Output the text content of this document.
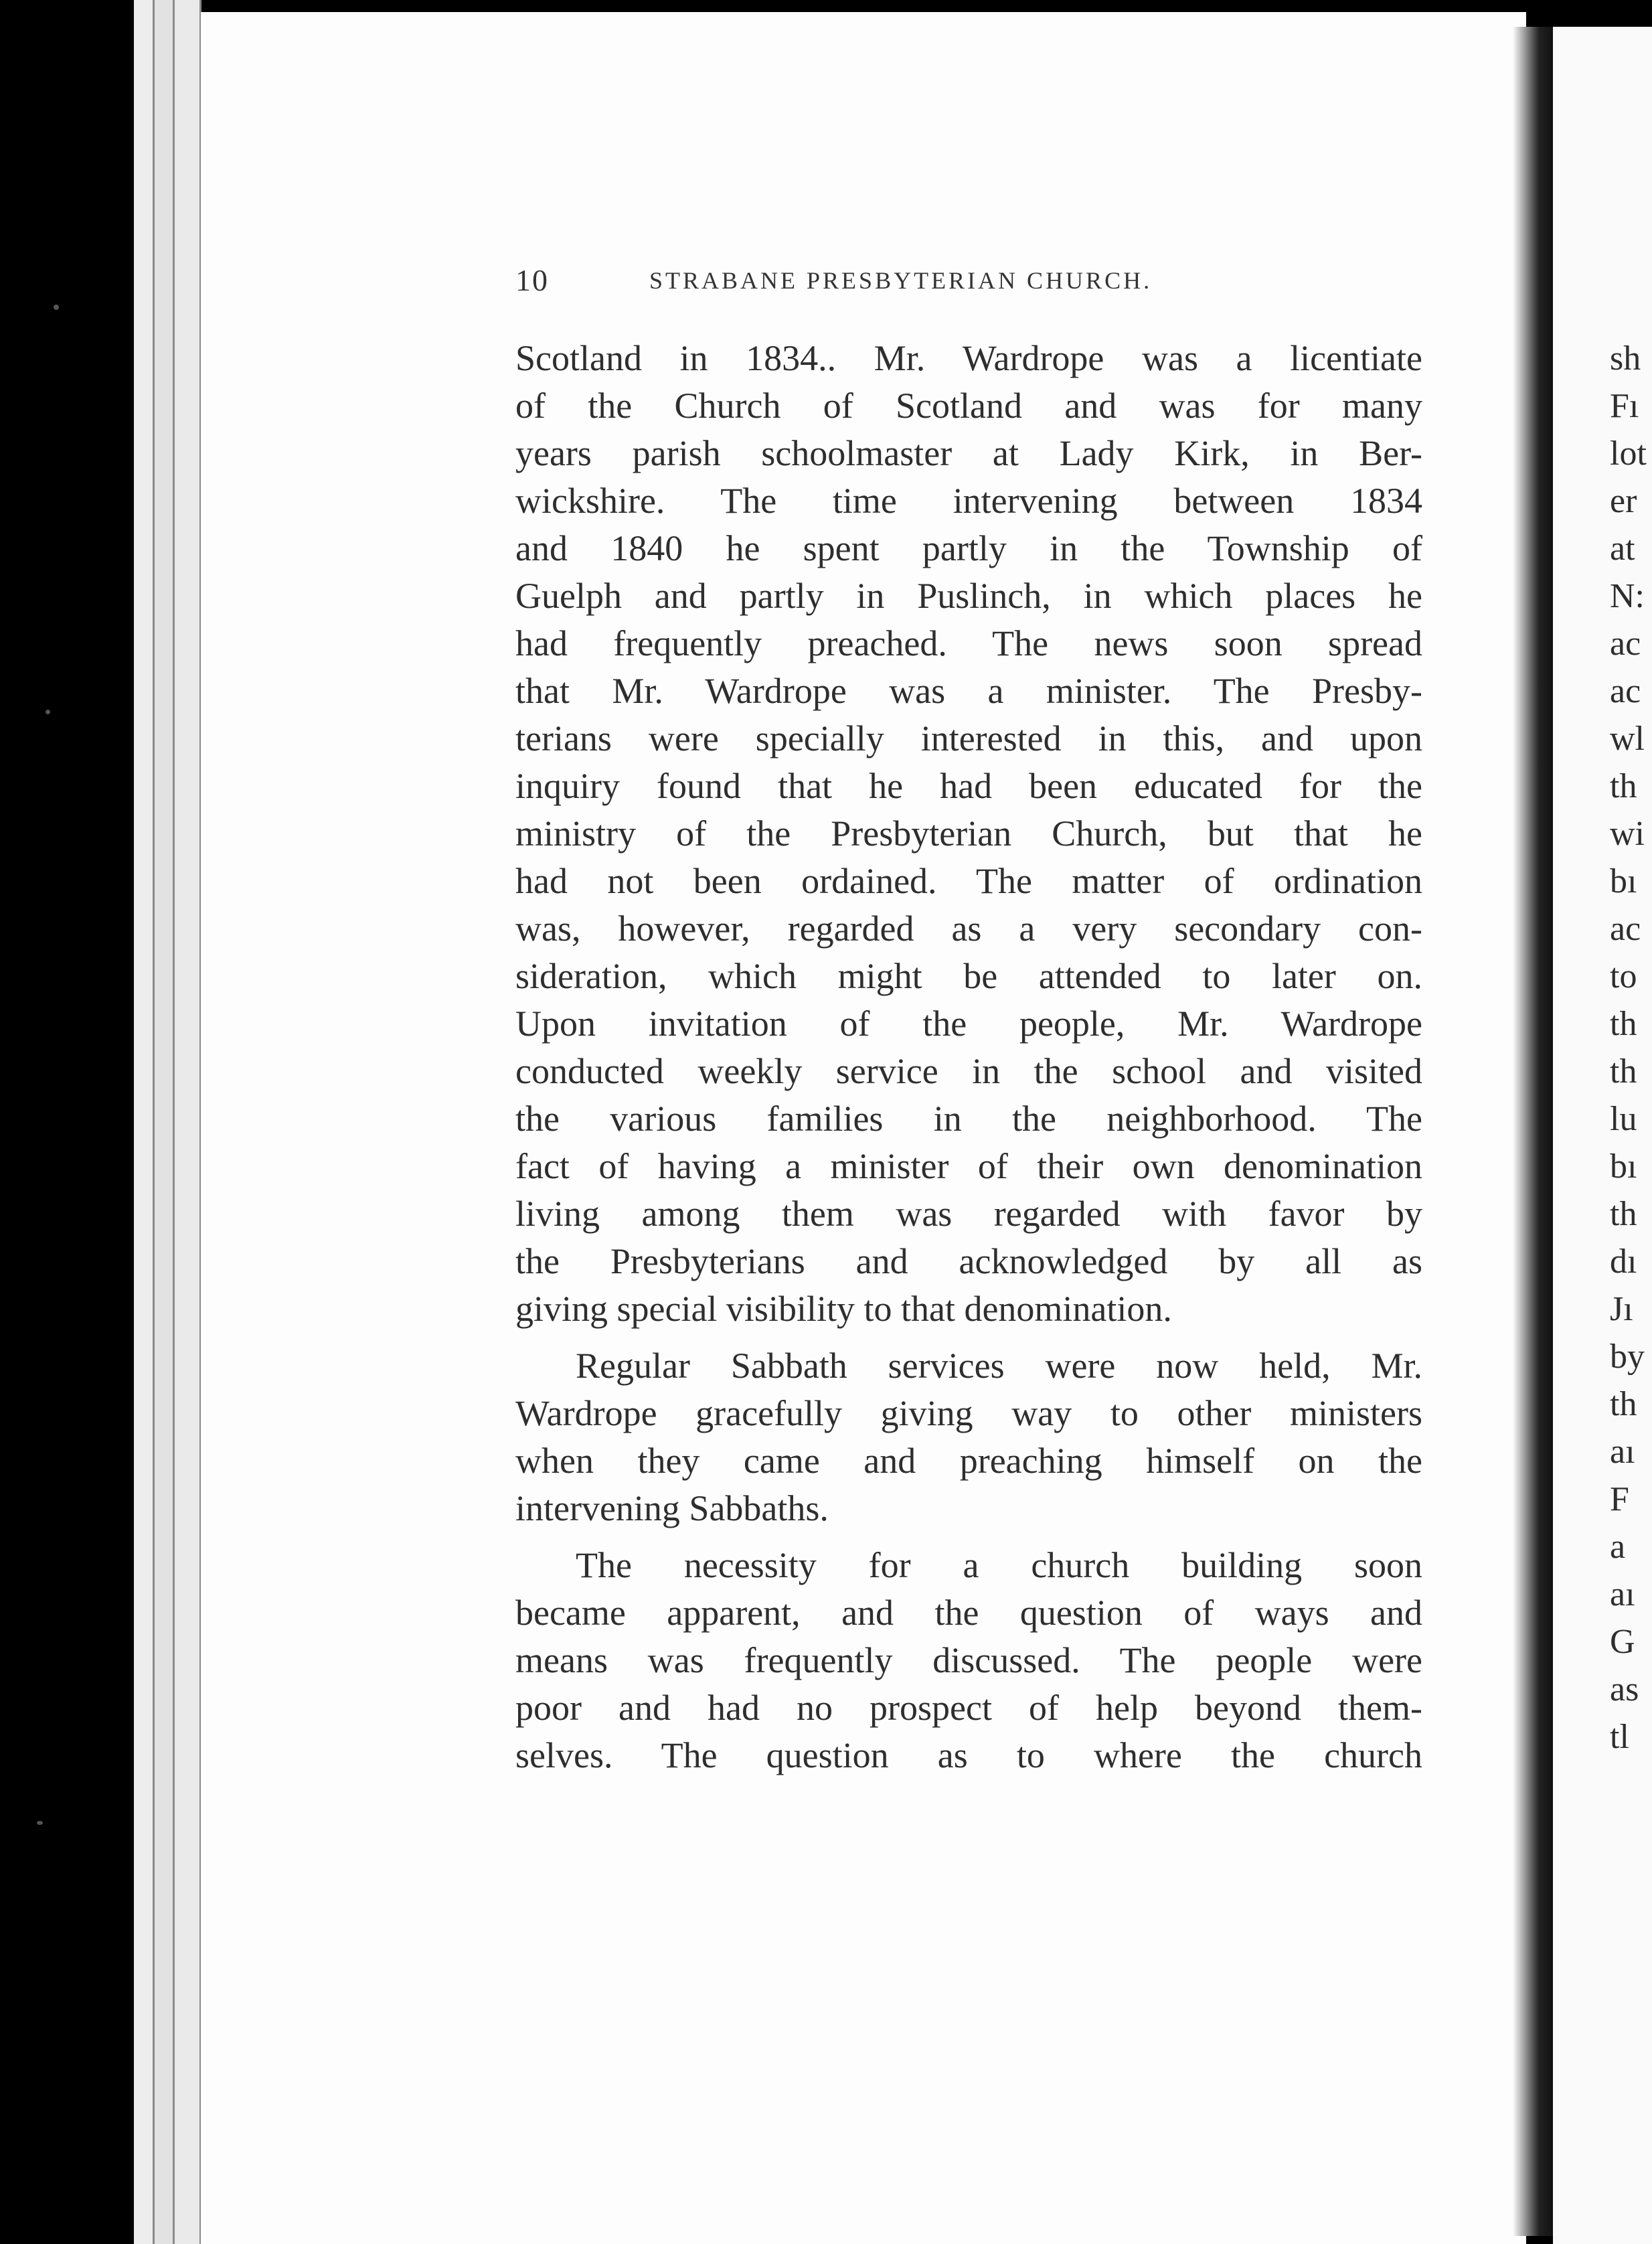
10	STRABANE PRESBYTERIAN CHURCH.
Scotland in 1834.. Mr. Wardrope was a licentiate
of the Church of Scotland and was for many
years parish schoolmaster at Lady Kirk, in Ber-
wickshire. The time intervening between 1834
and 1840 he spent partly in the Township of
Guelph and partly in Puslinch, in which places he
had frequently preached. The news soon spread
that Mr. Wardrope was a minister. The Presby-
terians were specially interested in this, and upon
inquiry found that he had been educated for the
ministry of the Presbyterian Church, but that he
had not been ordained. The matter of ordination
was, however, regarded as a very secondary con-
sideration, which might be attended to later on.
Upon invitation of the people, Mr. Wardrope
conducted weekly service in the school and visited
the various families in the neighborhood. The
fact of having a minister of their own denomination
living among them was regarded with favor by
the Presbyterians and acknowledged by all as
giving special visibility to that denomination.
Regular Sabbath services were now held, Mr.
Wardrope gracefully giving way to other ministers
when they came and preaching himself on the
intervening Sabbaths.
The necessity for a church building soon
became apparent, and the question of ways and
means was frequently discussed. The people were
poor and had no prospect of help beyond them-
selves. The question as to where the church
sh
Fı
lot
er
at
N:
ac
ac
wl
th
wi
bı
ac
to
th
th
lu
bı
th
dı
Jı
by
th
aı
F
a
aı
G
as
tl
